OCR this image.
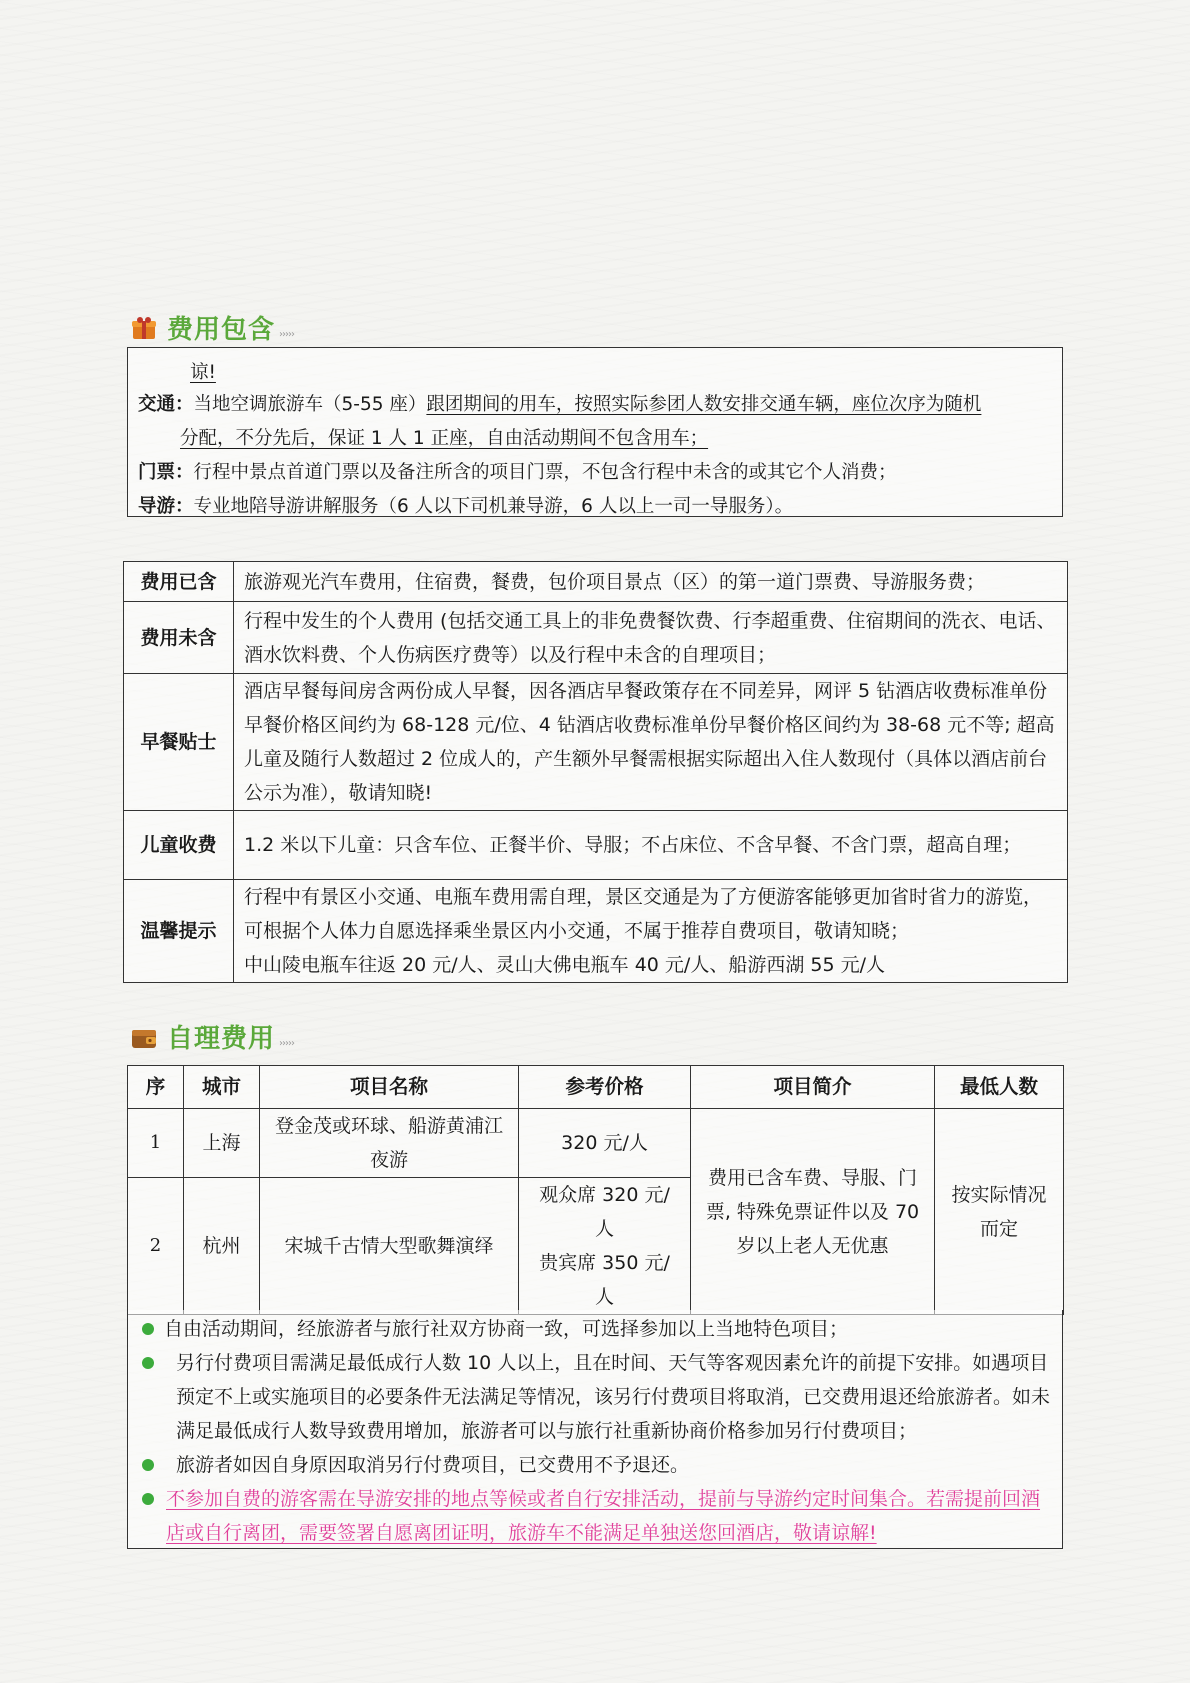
费用包含 ›››››
谅!
交通：当地空调旅游车（5-55 座）跟团期间的用车，按照实际参团人数安排交通车辆，座位次序为随机
分配，不分先后，保证 1 人 1 正座，自由活动期间不包含用车；
门票：行程中景点首道门票以及备注所含的项目门票，不包含行程中未含的或其它个人消费；
导游：专业地陪导游讲解服务（6 人以下司机兼导游，6 人以上一司一导服务）。
费用已含	旅游观光汽车费用，住宿费，餐费，包价项目景点（区）的第一道门票费、导游服务费；
费用未含	行程中发生的个人费用 (包括交通工具上的非免费餐饮费、行李超重费、住宿期间的洗衣、电话、酒水饮料费、个人伤病医疗费等）以及行程中未含的自理项目；
早餐贴士	酒店早餐每间房含两份成人早餐，因各酒店早餐政策存在不同差异，网评 5 钻酒店收费标准单份早餐价格区间约为 68-128 元/位、4 钻酒店收费标准单份早餐价格区间约为 38-68 元不等; 超高儿童及随行人数超过 2 位成人的，产生额外早餐需根据实际超出入住人数现付（具体以酒店前台公示为准），敬请知晓!
儿童收费	1.2 米以下儿童：只含车位、正餐半价、导服；不占床位、不含早餐、不含门票，超高自理；
温馨提示	行程中有景区小交通、电瓶车费用需自理，景区交通是为了方便游客能够更加省时省力的游览，可根据个人体力自愿选择乘坐景区内小交通，不属于推荐自费项目，敬请知晓；
中山陵电瓶车往返 20 元/人、灵山大佛电瓶车 40 元/人、船游西湖 55 元/人
自理费用 ›››››
序	城市	项目名称	参考价格	项目简介	最低人数
1	上海	登金茂或环球、船游黄浦江夜游	320 元/人	费用已含车费、导服、门票, 特殊免票证件以及 70 岁以上老人无优惠	按实际情况而定
2	杭州	宋城千古情大型歌舞演绎	观众席 320 元/人
贵宾席 350 元/人		
自由活动期间，经旅游者与旅行社双方协商一致，可选择参加以上当地特色项目；
另行付费项目需满足最低成行人数 10 人以上，且在时间、天气等客观因素允许的前提下安排。如遇项目预定不上或实施项目的必要条件无法满足等情况，该另行付费项目将取消，已交费用退还给旅游者。如未满足最低成行人数导致费用增加，旅游者可以与旅行社重新协商价格参加另行付费项目；
旅游者如因自身原因取消另行付费项目，已交费用不予退还。
不参加自费的游客需在导游安排的地点等候或者自行安排活动，提前与导游约定时间集合。若需提前回酒店或自行离团，需要签署自愿离团证明，旅游车不能满足单独送您回酒店，敬请谅解!
